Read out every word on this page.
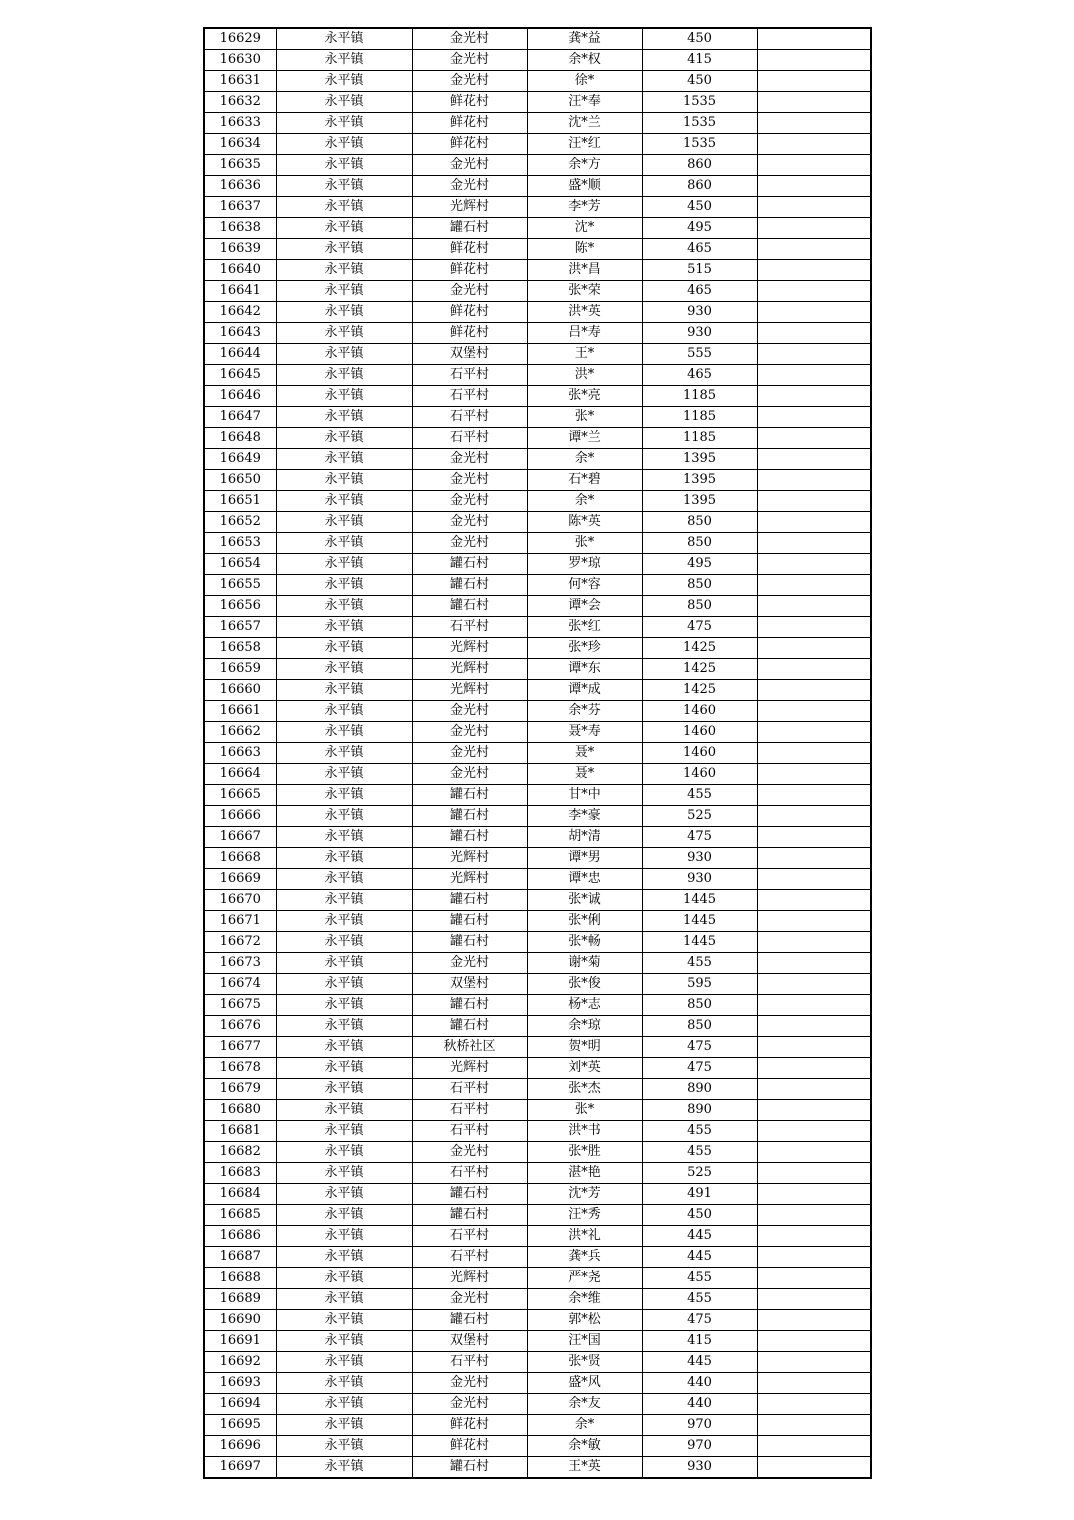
16629	永平镇	金光村	龚*益	450	
16630	永平镇	金光村	余*权	415	
16631	永平镇	金光村	徐*	450	
16632	永平镇	鲜花村	汪*奉	1535	
16633	永平镇	鲜花村	沈*兰	1535	
16634	永平镇	鲜花村	汪*红	1535	
16635	永平镇	金光村	余*方	860	
16636	永平镇	金光村	盛*顺	860	
16637	永平镇	光辉村	李*芳	450	
16638	永平镇	罐石村	沈*	495	
16639	永平镇	鲜花村	陈*	465	
16640	永平镇	鲜花村	洪*昌	515	
16641	永平镇	金光村	张*荣	465	
16642	永平镇	鲜花村	洪*英	930	
16643	永平镇	鲜花村	吕*寿	930	
16644	永平镇	双堡村	王*	555	
16645	永平镇	石平村	洪*	465	
16646	永平镇	石平村	张*亮	1185	
16647	永平镇	石平村	张*	1185	
16648	永平镇	石平村	谭*兰	1185	
16649	永平镇	金光村	余*	1395	
16650	永平镇	金光村	石*碧	1395	
16651	永平镇	金光村	余*	1395	
16652	永平镇	金光村	陈*英	850	
16653	永平镇	金光村	张*	850	
16654	永平镇	罐石村	罗*琼	495	
16655	永平镇	罐石村	何*容	850	
16656	永平镇	罐石村	谭*会	850	
16657	永平镇	石平村	张*红	475	
16658	永平镇	光辉村	张*珍	1425	
16659	永平镇	光辉村	谭*东	1425	
16660	永平镇	光辉村	谭*成	1425	
16661	永平镇	金光村	余*芬	1460	
16662	永平镇	金光村	聂*寿	1460	
16663	永平镇	金光村	聂*	1460	
16664	永平镇	金光村	聂*	1460	
16665	永平镇	罐石村	甘*中	455	
16666	永平镇	罐石村	李*豪	525	
16667	永平镇	罐石村	胡*清	475	
16668	永平镇	光辉村	谭*男	930	
16669	永平镇	光辉村	谭*忠	930	
16670	永平镇	罐石村	张*诚	1445	
16671	永平镇	罐石村	张*俐	1445	
16672	永平镇	罐石村	张*畅	1445	
16673	永平镇	金光村	谢*菊	455	
16674	永平镇	双堡村	张*俊	595	
16675	永平镇	罐石村	杨*志	850	
16676	永平镇	罐石村	余*琼	850	
16677	永平镇	秋桥社区	贺*明	475	
16678	永平镇	光辉村	刘*英	475	
16679	永平镇	石平村	张*杰	890	
16680	永平镇	石平村	张*	890	
16681	永平镇	石平村	洪*书	455	
16682	永平镇	金光村	张*胜	455	
16683	永平镇	石平村	湛*艳	525	
16684	永平镇	罐石村	沈*芳	491	
16685	永平镇	罐石村	汪*秀	450	
16686	永平镇	石平村	洪*礼	445	
16687	永平镇	石平村	龚*兵	445	
16688	永平镇	光辉村	严*尧	455	
16689	永平镇	金光村	余*维	455	
16690	永平镇	罐石村	郭*松	475	
16691	永平镇	双堡村	汪*国	415	
16692	永平镇	石平村	张*贤	445	
16693	永平镇	金光村	盛*风	440	
16694	永平镇	金光村	余*友	440	
16695	永平镇	鲜花村	余*	970	
16696	永平镇	鲜花村	余*敏	970	
16697	永平镇	罐石村	王*英	930	
